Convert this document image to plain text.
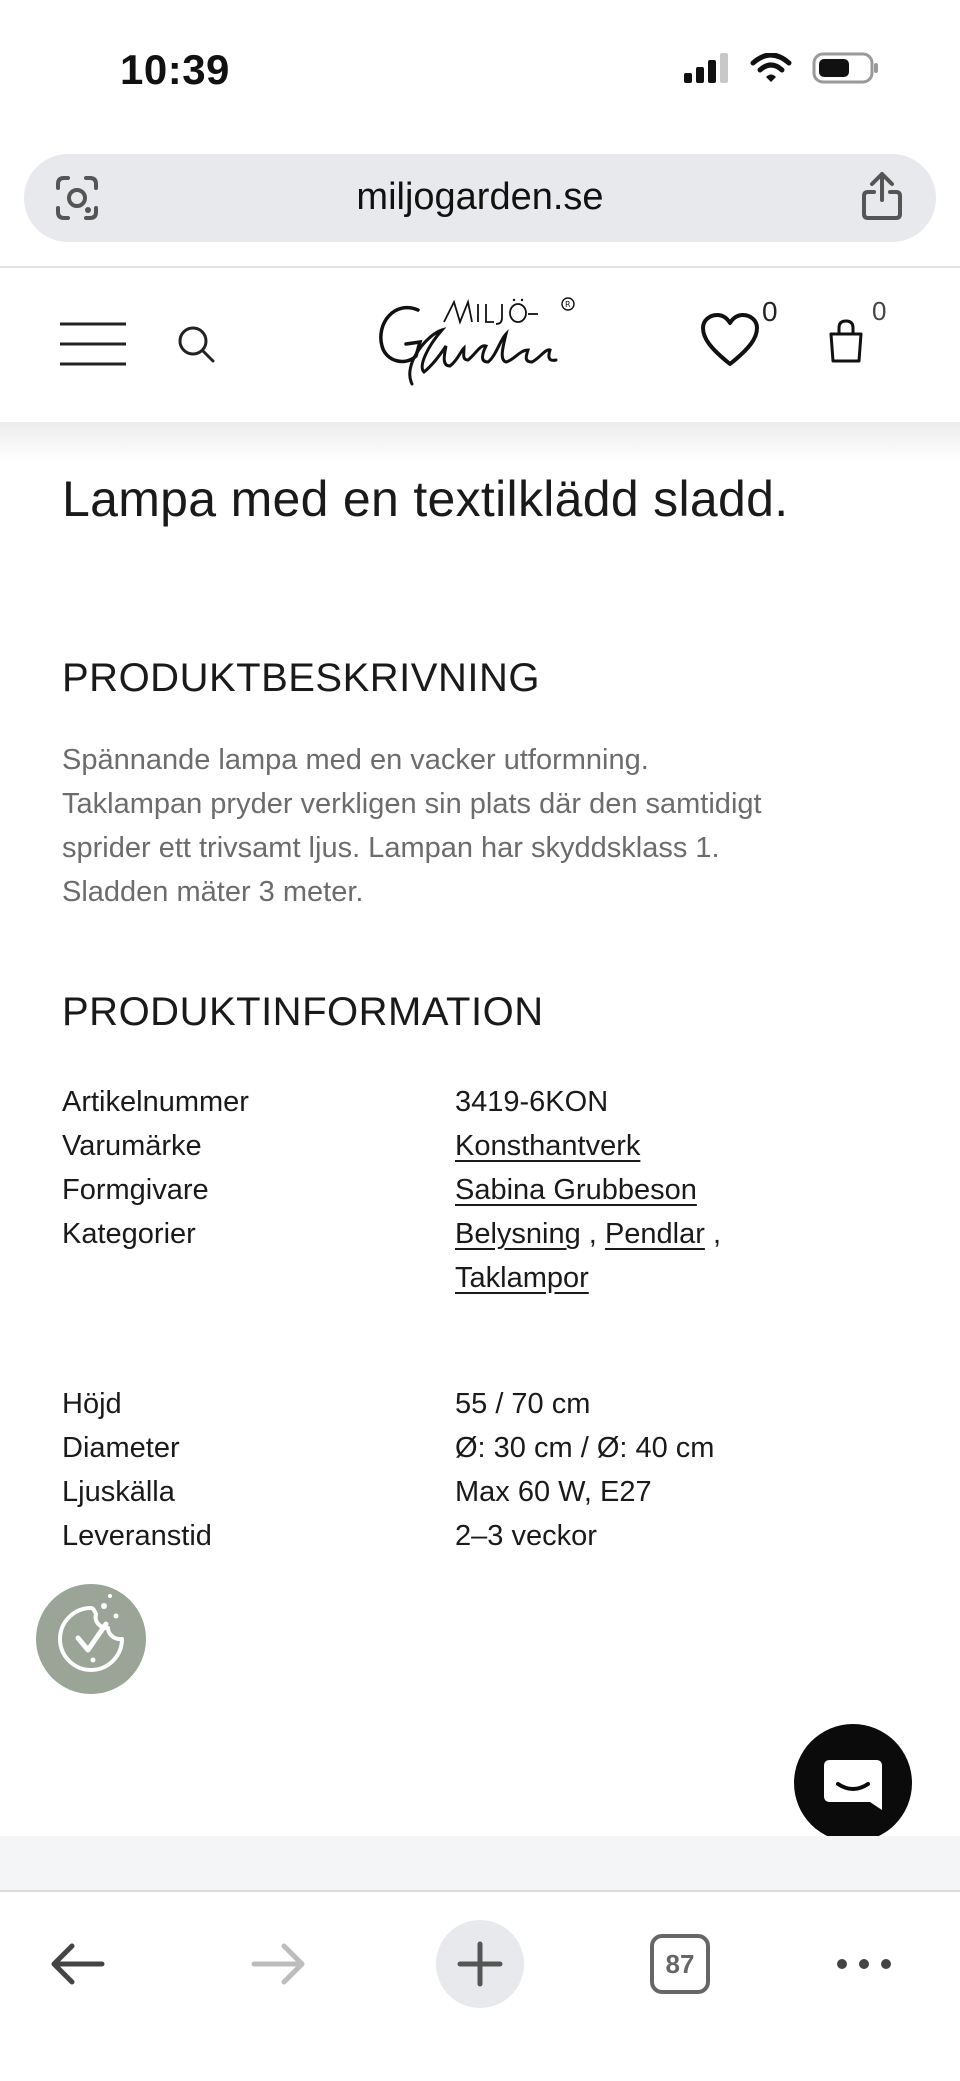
10:39
miljogarden.se
R	0	0
Lampa med en textilklädd sladd.
PRODUKTBESKRIVNING
Spännande lampa med en vacker utformning.
Taklampan pryder verkligen sin plats där den samtidigt
sprider ett trivsamt ljus. Lampan har skyddsklass 1.
Sladden mäter 3 meter.
PRODUKTINFORMATION
Artikelnummer	3419-6KON
Varumärke	Konsthantverk
Formgivare	Sabina Grubbeson
Kategorier	Belysning , Pendlar ,
Taklampor
Höjd	55 / 70 cm
Diameter	Ø: 30 cm / Ø: 40 cm
Ljuskälla	Max 60 W, E27
Leveranstid	2–3 veckor
87
